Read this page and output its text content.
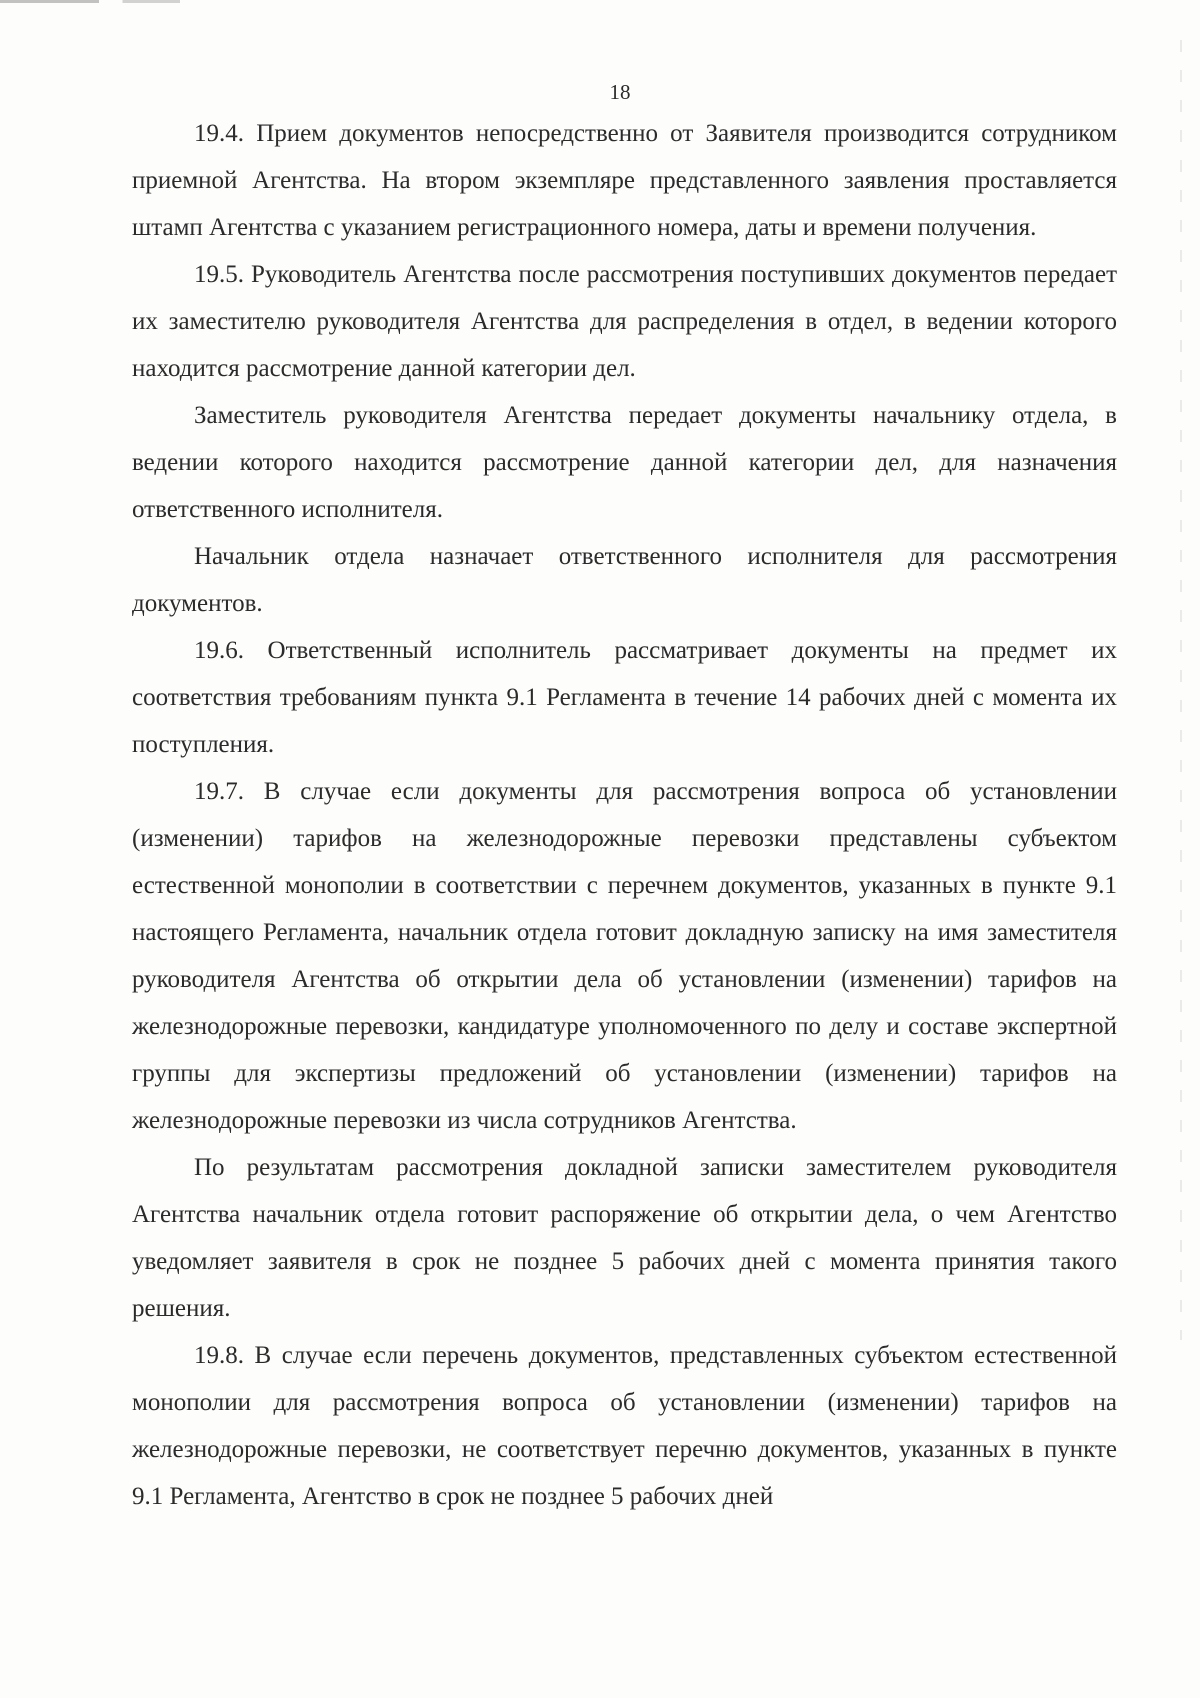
18

19.4. Прием документов непосредственно от Заявителя производится сотрудником приемной Агентства. На втором экземпляре представленного заявления проставляется штамп Агентства с указанием регистрационного номера, даты и времени получения.

19.5. Руководитель Агентства после рассмотрения поступивших документов передает их заместителю руководителя Агентства для распределения в отдел, в ведении которого находится рассмотрение данной категории дел.

Заместитель руководителя Агентства передает документы начальнику отдела, в ведении которого находится рассмотрение данной категории дел, для назначения ответственного исполнителя.

Начальник отдела назначает ответственного исполнителя для рассмотрения документов.

19.6. Ответственный исполнитель рассматривает документы на предмет их соответствия требованиям пункта 9.1 Регламента в течение 14 рабочих дней с момента их поступления.

19.7. В случае если документы для рассмотрения вопроса об установлении (изменении) тарифов на железнодорожные перевозки представлены субъектом естественной монополии в соответствии с перечнем документов, указанных в пункте 9.1 настоящего Регламента, начальник отдела готовит докладную записку на имя заместителя руководителя Агентства об открытии дела об установлении (изменении) тарифов на железнодорожные перевозки, кандидатуре уполномоченного по делу и составе экспертной группы для экспертизы предложений об установлении (изменении) тарифов на железнодорожные перевозки из числа сотрудников Агентства.

По результатам рассмотрения докладной записки заместителем руководителя Агентства начальник отдела готовит распоряжение об открытии дела, о чем Агентство уведомляет заявителя в срок не позднее 5 рабочих дней с момента принятия такого решения.

19.8. В случае если перечень документов, представленных субъектом естественной монополии для рассмотрения вопроса об установлении (изменении) тарифов на железнодорожные перевозки, не соответствует перечню документов, указанных в пункте 9.1 Регламента, Агентство в срок не позднее 5 рабочих дней
